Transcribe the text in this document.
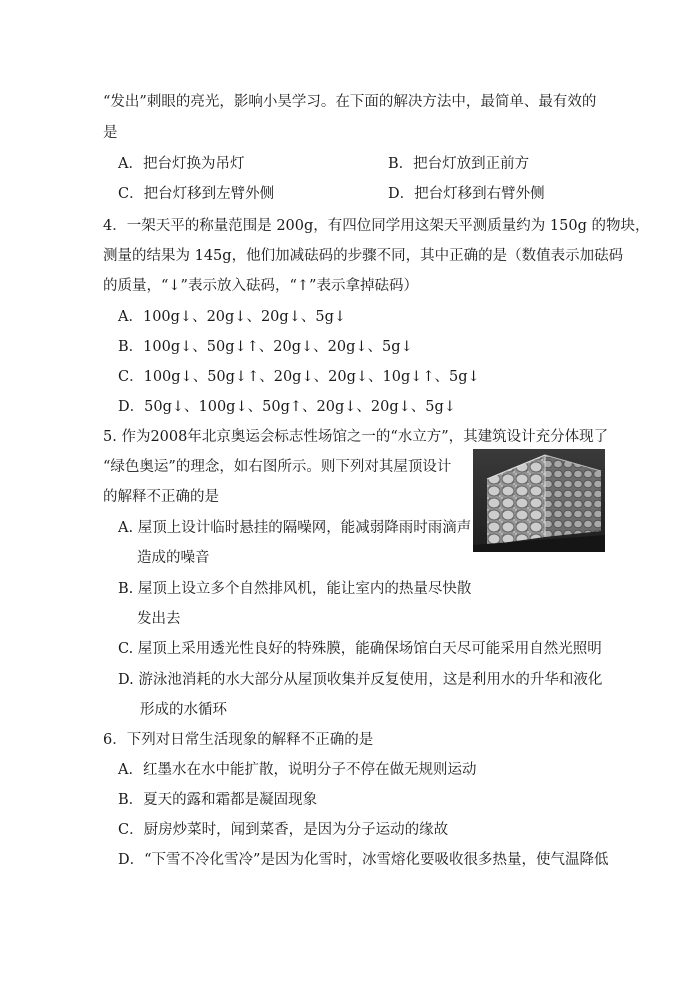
“发出”刺眼的亮光，影响小昊学习。在下面的解决方法中，最简单、最有效的
是
A．把台灯换为吊灯	B．把台灯放到正前方
C．把台灯移到左臂外侧	D．把台灯移到右臂外侧
4．一架天平的称量范围是 200g，有四位同学用这架天平测质量约为 150g 的物块，
测量的结果为 145g，他们加减砝码的步骤不同，其中正确的是（数值表示加砝码
的质量，“↓”表示放入砝码，“↑”表示拿掉砝码）
A．100g↓、20g↓、20g↓、5g↓
B．100g↓、50g↓↑、20g↓、20g↓、5g↓
C．100g↓、50g↓↑、20g↓、20g↓、10g↓↑、5g↓
D．50g↓、100g↓、50g↑、20g↓、20g↓、5g↓
5. 作为2008年北京奥运会标志性场馆之一的“水立方”，其建筑设计充分体现了
“绿色奥运”的理念，如右图所示。则下列对其屋顶设计
的解释不正确的是
A. 屋顶上设计临时悬挂的隔噪网，能减弱降雨时雨滴声
造成的噪音
B. 屋顶上设立多个自然排风机，能让室内的热量尽快散
发出去
C. 屋顶上采用透光性良好的特殊膜，能确保场馆白天尽可能采用自然光照明
D. 游泳池消耗的水大部分从屋顶收集并反复使用，这是利用水的升华和液化
形成的水循环
6．下列对日常生活现象的解释不正确的是
A．红墨水在水中能扩散，说明分子不停在做无规则运动
B．夏天的露和霜都是凝固现象
C．厨房炒菜时，闻到菜香，是因为分子运动的缘故
D．“下雪不冷化雪冷”是因为化雪时，冰雪熔化要吸收很多热量，使气温降低
